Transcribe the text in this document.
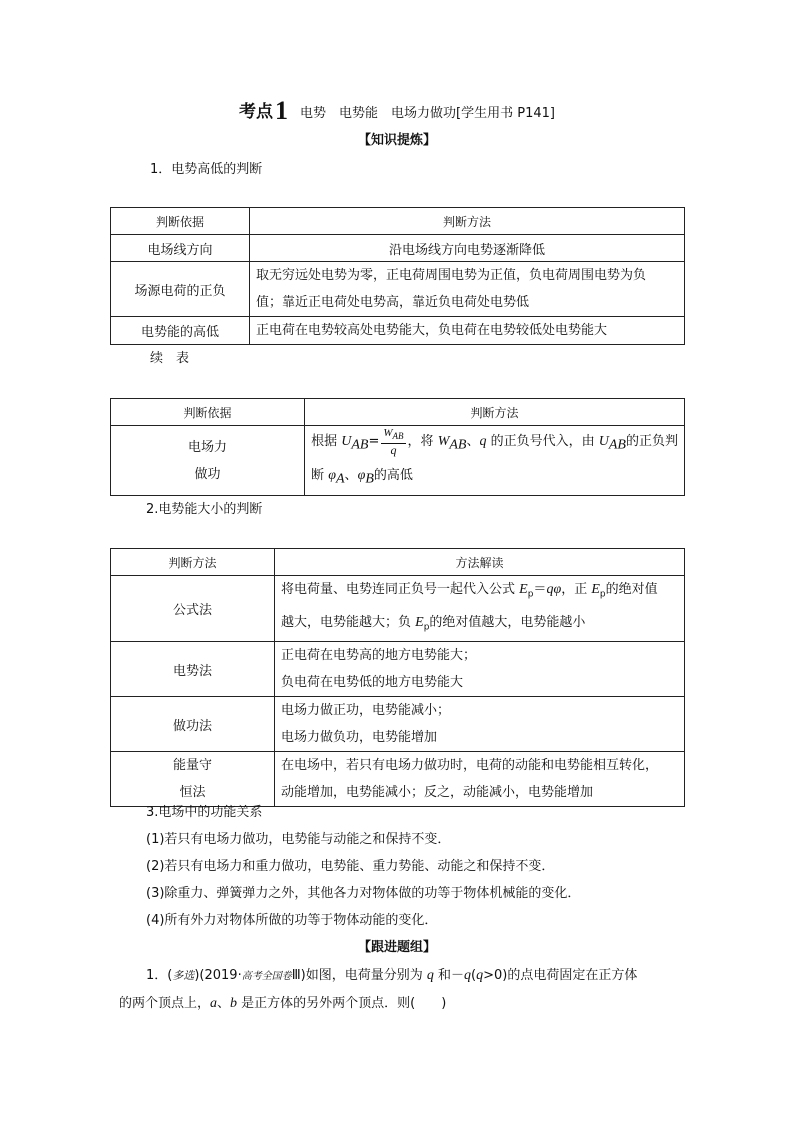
考点1 电势　电势能　电场力做功[学生用书 P141]
【知识提炼】
1．电势高低的判断
判断依据	判断方法
电场线方向	沿电场线方向电势逐渐降低
场源电荷的正负	取无穷远处电势为零，正电荷周围电势为正值，负电荷周围电势为负
值；靠近正电荷处电势高，靠近负电荷处电势低

电势能的高低	正电荷在电势较高处电势能大，负电荷在电势较低处电势能大
续　表
判断依据	判断方法

电场力
做功	根据 $U_{AB}= \frac{W_{AB}}{q}$ ，将 $W_{AB}$、q 的正负号代入，由 $U_{AB}$的正负判
断 $\varphi_A$、$\varphi_B$的高低
2.电势能大小的判断
判断方法	方法解读
公式法	将电荷量、电势连同正负号一起代入公式 $E_p=q\varphi$，正 $E_p$的绝对值
越大，电势能越大；负 $E_p$的绝对值越大，电势能越小

电势法	正电荷在电势高的地方电势能大；
负电荷在电势低的地方电势能大

做功法	电场力做正功，电势能减小；
电场力做负功，电势能增加

能量守
恒法	在电场中，若只有电场力做功时，电荷的动能和电势能相互转化，
动能增加，电势能减小；反之，动能减小，电势能增加
3.电场中的功能关系
(1)若只有电场力做功，电势能与动能之和保持不变．
(2)若只有电场力和重力做功，电势能、重力势能、动能之和保持不变．
(3)除重力、弹簧弹力之外，其他各力对物体做的功等于物体机械能的变化．
(4)所有外力对物体所做的功等于物体动能的变化．
【跟进题组】
1．(多选)(2019·高考全国卷Ⅲ)如图，电荷量分别为 q 和－q(q>0)的点电荷固定在正方体
的两个顶点上，a、b 是正方体的另外两个顶点．则(　　)
